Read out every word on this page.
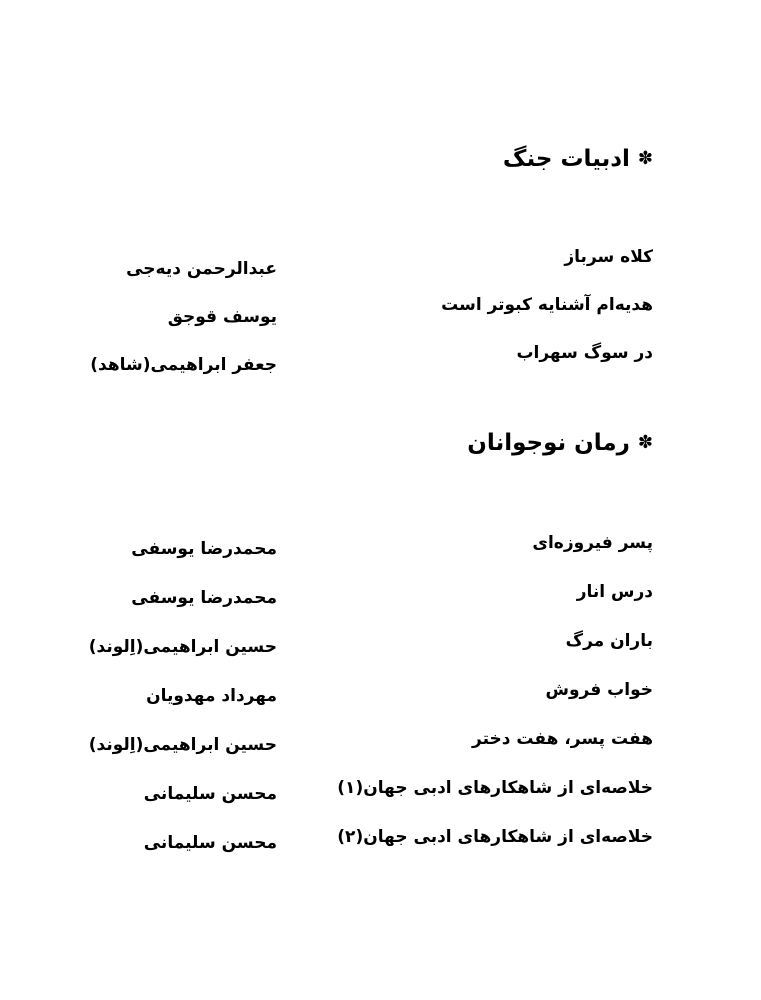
✽
ادبیات جنگ
کلاه سرباز
هدیه‌ام آشنایه کبوتر است
در سوگ سهراب
عبدالرحمن دیه‌جی
یوسف قوجق
جعفر ابراهیمی(شاهد)
✽
رمان نوجوانان
پسر فیروزه‌ای
درس انار
باران مرگ
خواب فروش
هفت پسر، هفت دختر
خلاصه‌ای از شاهکارهای ادبی جهان(۱)
خلاصه‌ای از شاهکارهای ادبی جهان(۲)
محمدرضا یوسفی
محمدرضا یوسفی
حسین ابراهیمی(اِلوند)
مهرداد مهدویان
حسین ابراهیمی(اِلوند)
محسن سلیمانی
محسن سلیمانی
